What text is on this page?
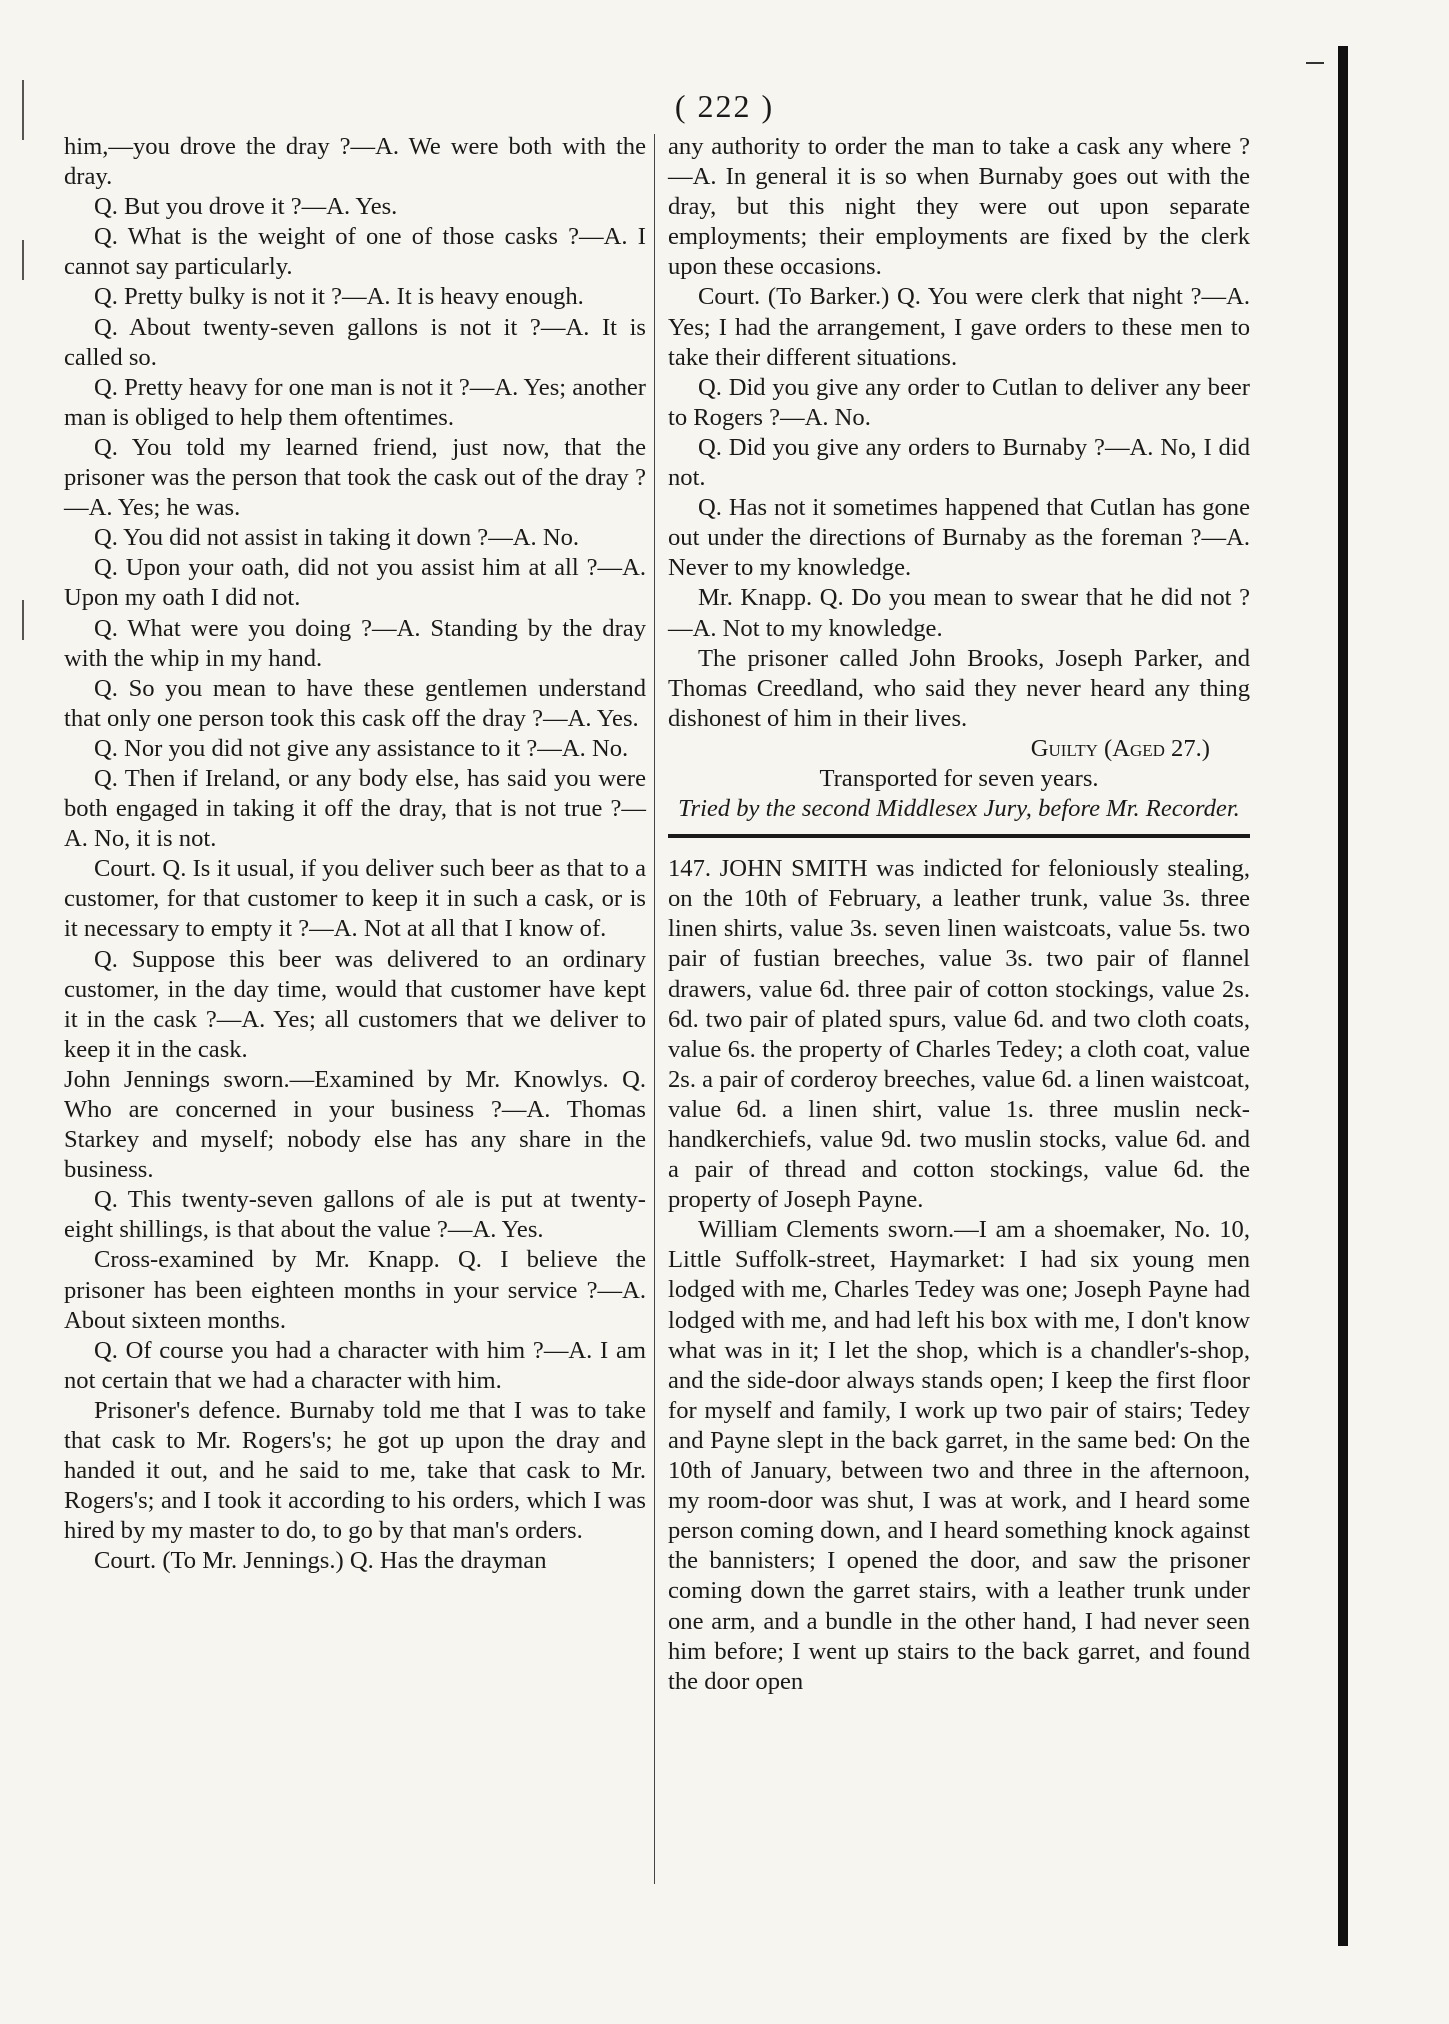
( 222 )

him,—you drove the dray ?—A. We were both with the dray.

Q. But you drove it ?—A. Yes.

Q. What is the weight of one of those casks ?—A. I cannot say particularly.

Q. Pretty bulky is not it ?—A. It is heavy enough.

Q. About twenty-seven gallons is not it ?—A. It is called so.

Q. Pretty heavy for one man is not it ?—A. Yes; another man is obliged to help them oftentimes.

Q. You told my learned friend, just now, that the prisoner was the person that took the cask out of the dray ?—A. Yes; he was.

Q. You did not assist in taking it down ?—A. No.

Q. Upon your oath, did not you assist him at all ?—A. Upon my oath I did not.

Q. What were you doing ?—A. Standing by the dray with the whip in my hand.

Q. So you mean to have these gentlemen understand that only one person took this cask off the dray ?—A. Yes.

Q. Nor you did not give any assistance to it ?—A. No.

Q. Then if Ireland, or any body else, has said you were both engaged in taking it off the dray, that is not true ?—A. No, it is not.

Court. Q. Is it usual, if you deliver such beer as that to a customer, for that customer to keep it in such a cask, or is it necessary to empty it ?—A. Not at all that I know of.

Q. Suppose this beer was delivered to an ordinary customer, in the day time, would that customer have kept it in the cask ?—A. Yes; all customers that we deliver to keep it in the cask.

John Jennings sworn.—Examined by Mr. Knowlys. Q. Who are concerned in your business ?—A. Thomas Starkey and myself; nobody else has any share in the business.

Q. This twenty-seven gallons of ale is put at twenty-eight shillings, is that about the value ?—A. Yes.

Cross-examined by Mr. Knapp. Q. I believe the prisoner has been eighteen months in your service ?—A. About sixteen months.

Q. Of course you had a character with him ?—A. I am not certain that we had a character with him.

Prisoner's defence. Burnaby told me that I was to take that cask to Mr. Rogers's; he got up upon the dray and handed it out, and he said to me, take that cask to Mr. Rogers's; and I took it according to his orders, which I was hired by my master to do, to go by that man's orders.

Court. (To Mr. Jennings.) Q. Has the drayman

any authority to order the man to take a cask any where ?—A. In general it is so when Burnaby goes out with the dray, but this night they were out upon separate employments; their employments are fixed by the clerk upon these occasions.

Court. (To Barker.) Q. You were clerk that night ?—A. Yes; I had the arrangement, I gave orders to these men to take their different situations.

Q. Did you give any order to Cutlan to deliver any beer to Rogers ?—A. No.

Q. Did you give any orders to Burnaby ?—A. No, I did not.

Q. Has not it sometimes happened that Cutlan has gone out under the directions of Burnaby as the foreman ?—A. Never to my knowledge.

Mr. Knapp. Q. Do you mean to swear that he did not ?—A. Not to my knowledge.

The prisoner called John Brooks, Joseph Parker, and Thomas Creedland, who said they never heard any thing dishonest of him in their lives.

Guilty (Aged 27.)

Transported for seven years.

Tried by the second Middlesex Jury, before Mr. Recorder.

147. JOHN SMITH was indicted for feloniously stealing, on the 10th of February, a leather trunk, value 3s. three linen shirts, value 3s. seven linen waistcoats, value 5s. two pair of fustian breeches, value 3s. two pair of flannel drawers, value 6d. three pair of cotton stockings, value 2s. 6d. two pair of plated spurs, value 6d. and two cloth coats, value 6s. the property of Charles Tedey; a cloth coat, value 2s. a pair of corderoy breeches, value 6d. a linen waistcoat, value 6d. a linen shirt, value 1s. three muslin neck-handkerchiefs, value 9d. two muslin stocks, value 6d. and a pair of thread and cotton stockings, value 6d. the property of Joseph Payne.

William Clements sworn.—I am a shoemaker, No. 10, Little Suffolk-street, Haymarket: I had six young men lodged with me, Charles Tedey was one; Joseph Payne had lodged with me, and had left his box with me, I don't know what was in it; I let the shop, which is a chandler's-shop, and the side-door always stands open; I keep the first floor for myself and family, I work up two pair of stairs; Tedey and Payne slept in the back garret, in the same bed: On the 10th of January, between two and three in the afternoon, my room-door was shut, I was at work, and I heard some person coming down, and I heard something knock against the bannisters; I opened the door, and saw the prisoner coming down the garret stairs, with a leather trunk under one arm, and a bundle in the other hand, I had never seen him before; I went up stairs to the back garret, and found the door open
